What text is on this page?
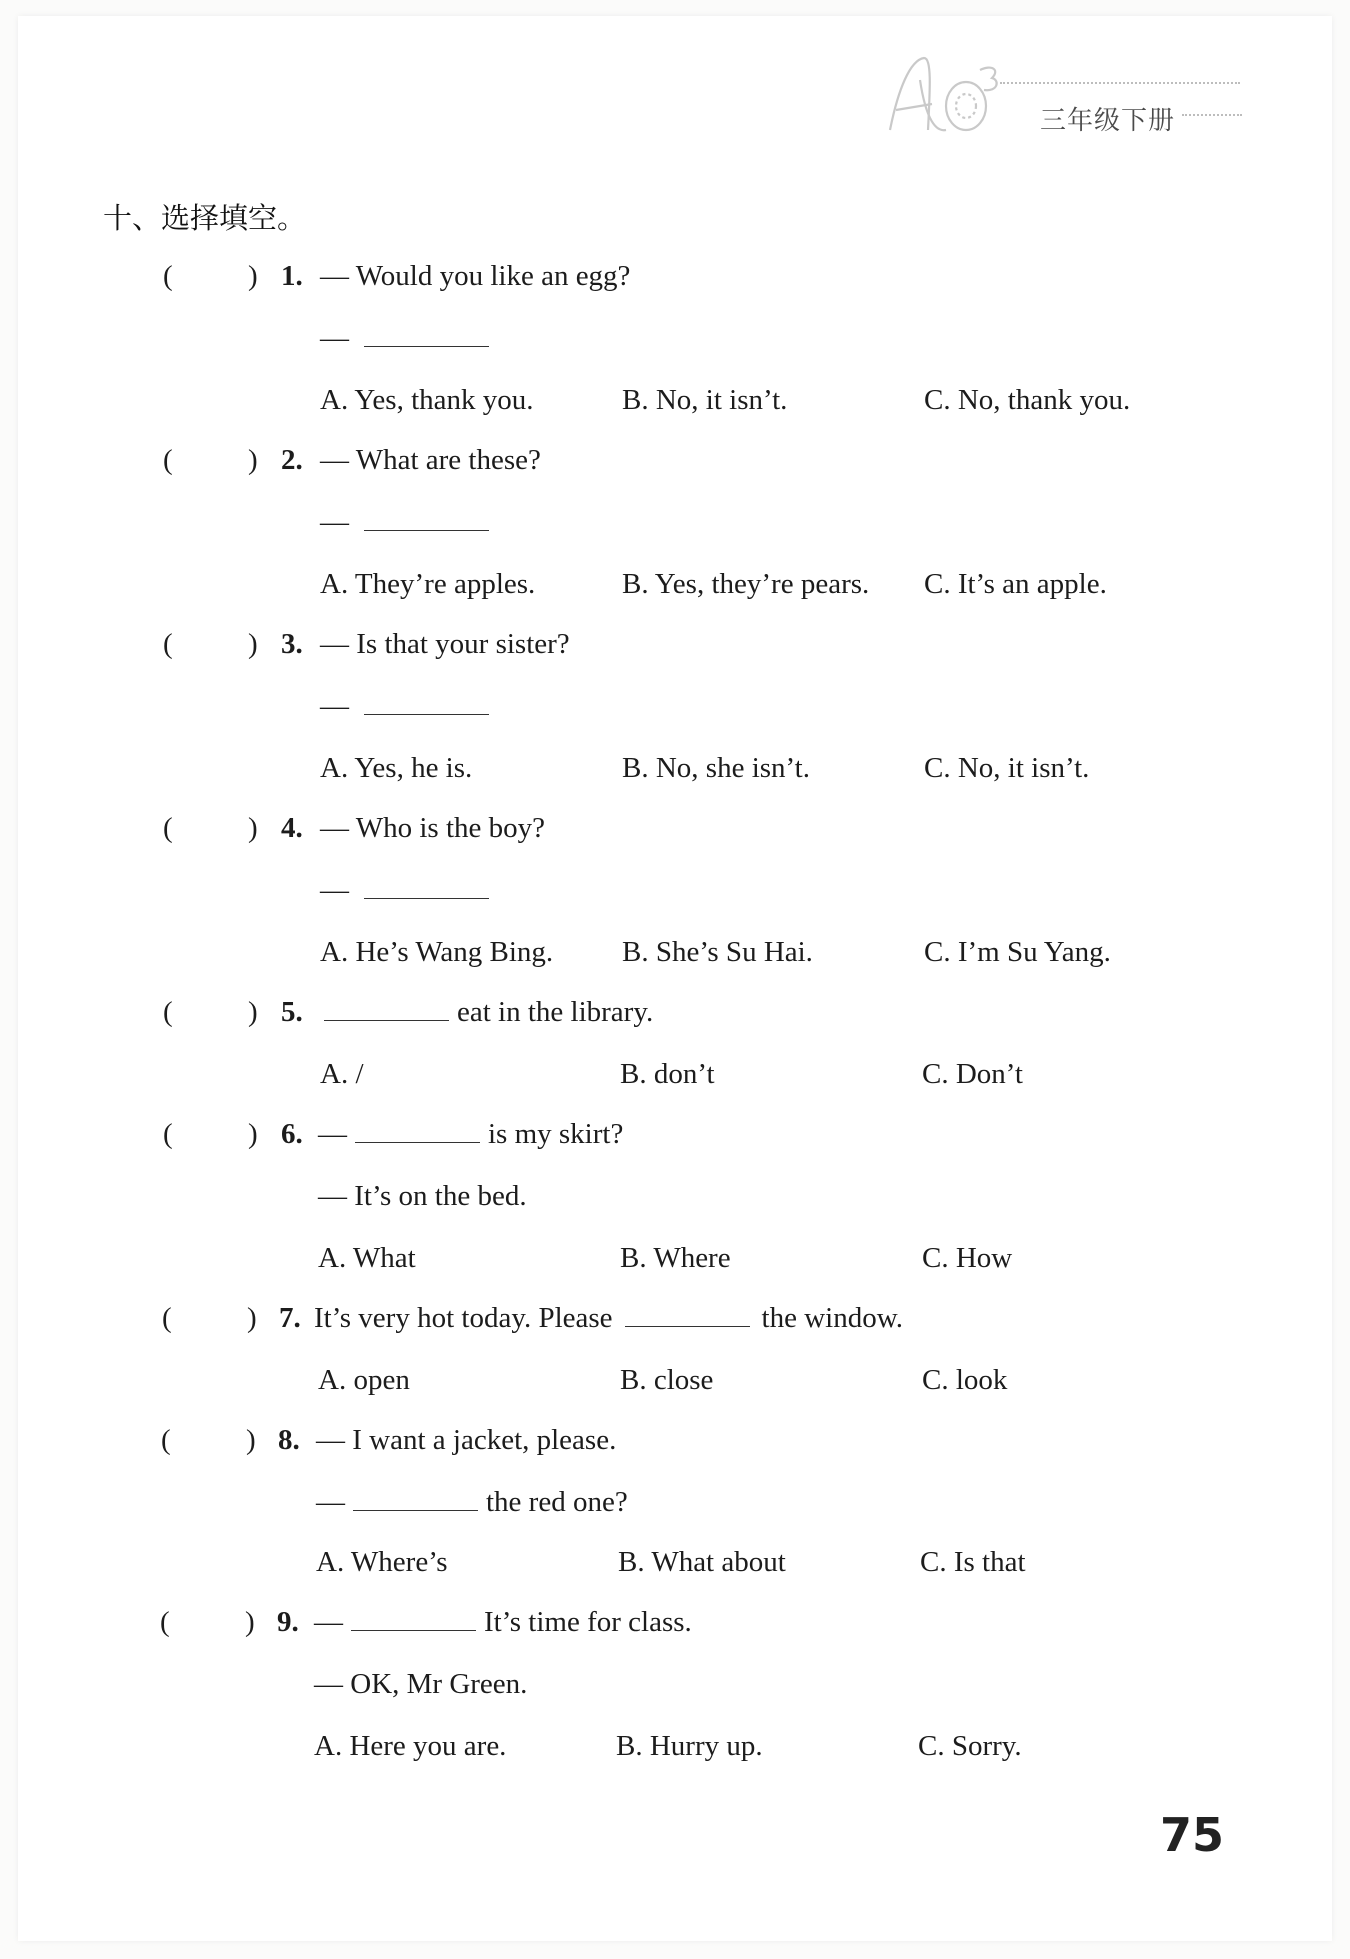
三年级下册
十、选择填空。
(	) 1. — Would you like an egg?
—
A. Yes, thank you.	B. No, it isn’t.	C. No, thank you.
(	) 2. — What are these?
—
A. They’re apples.	B. Yes, they’re pears. C. It’s an apple.
(	) 3. — Is that your sister?
—
A. Yes, he is.	B. No, she isn’t.	C. No, it isn’t.
(	) 4. — Who is the boy?
—
A. He’s Wang Bing. B. She’s Su Hai.	C. I’m Su Yang.
(	) 5.	eat in the library.
A. /	B. don’t	C. Don’t
(	) 6. —	is my skirt?
— It’s on the bed.
A. What	B. Where	C. How
(	) 7. It’s very hot today. Please	the window.
A. open	B. close	C. look
(	) 8. — I want a jacket, please.
—	the red one?
A. Where’s	B. What about	C. Is that
(	) 9. —	It’s time for class.
— OK, Mr Green.
A. Here you are.	B. Hurry up.	C. Sorry.
75
